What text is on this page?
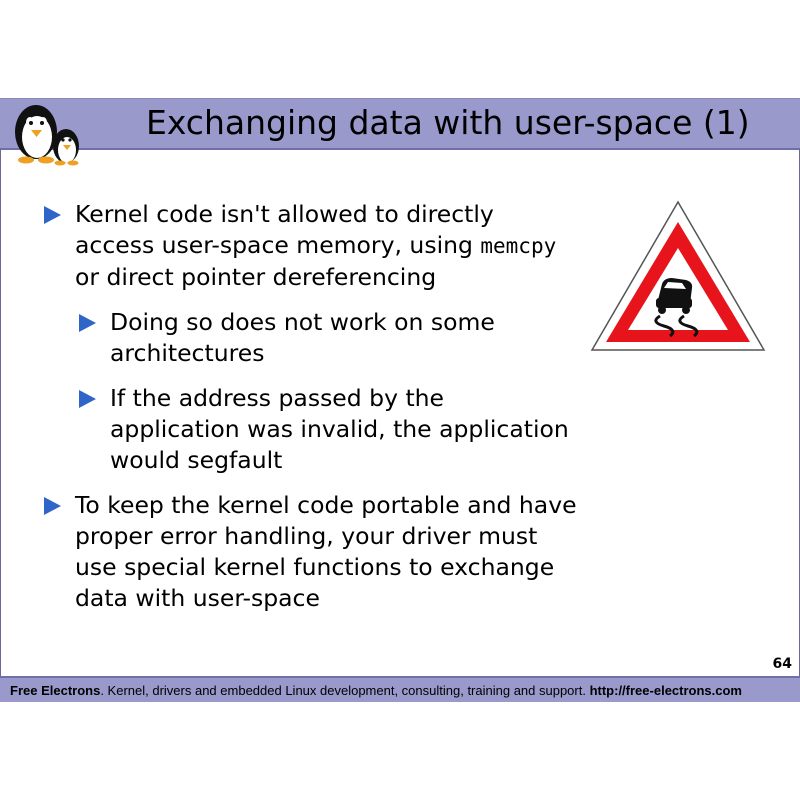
Exchanging data with user-space (1)
Kernel code isn't allowed to directly access user-space memory, using memcpy or direct pointer dereferencing
Doing so does not work on some architectures
If the address passed by the application was invalid, the application would segfault
To keep the kernel code portable and have proper error handling, your driver must use special kernel functions to exchange data with user-space
64
Free Electrons. Kernel, drivers and embedded Linux development, consulting, training and support. http://free-electrons.com
